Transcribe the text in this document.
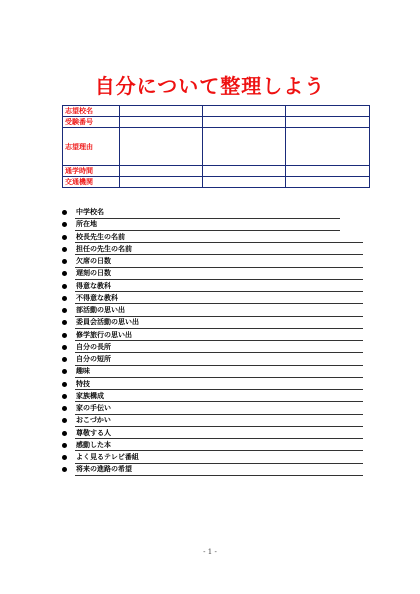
自分について整理しよう
志望校名			
受験番号			
志望理由			
通学時間			
交通機関			
中学校名
所在地
校長先生の名前
担任の先生の名前
欠席の日数
遅刻の日数
得意な教科
不得意な教科
部活動の思い出
委員会活動の思い出
修学旅行の思い出
自分の長所
自分の短所
趣味
特技
家族構成
家の手伝い
おこづかい
尊敬する人
感動した本
よく見るテレビ番組
将来の進路の希望
- 1 -
